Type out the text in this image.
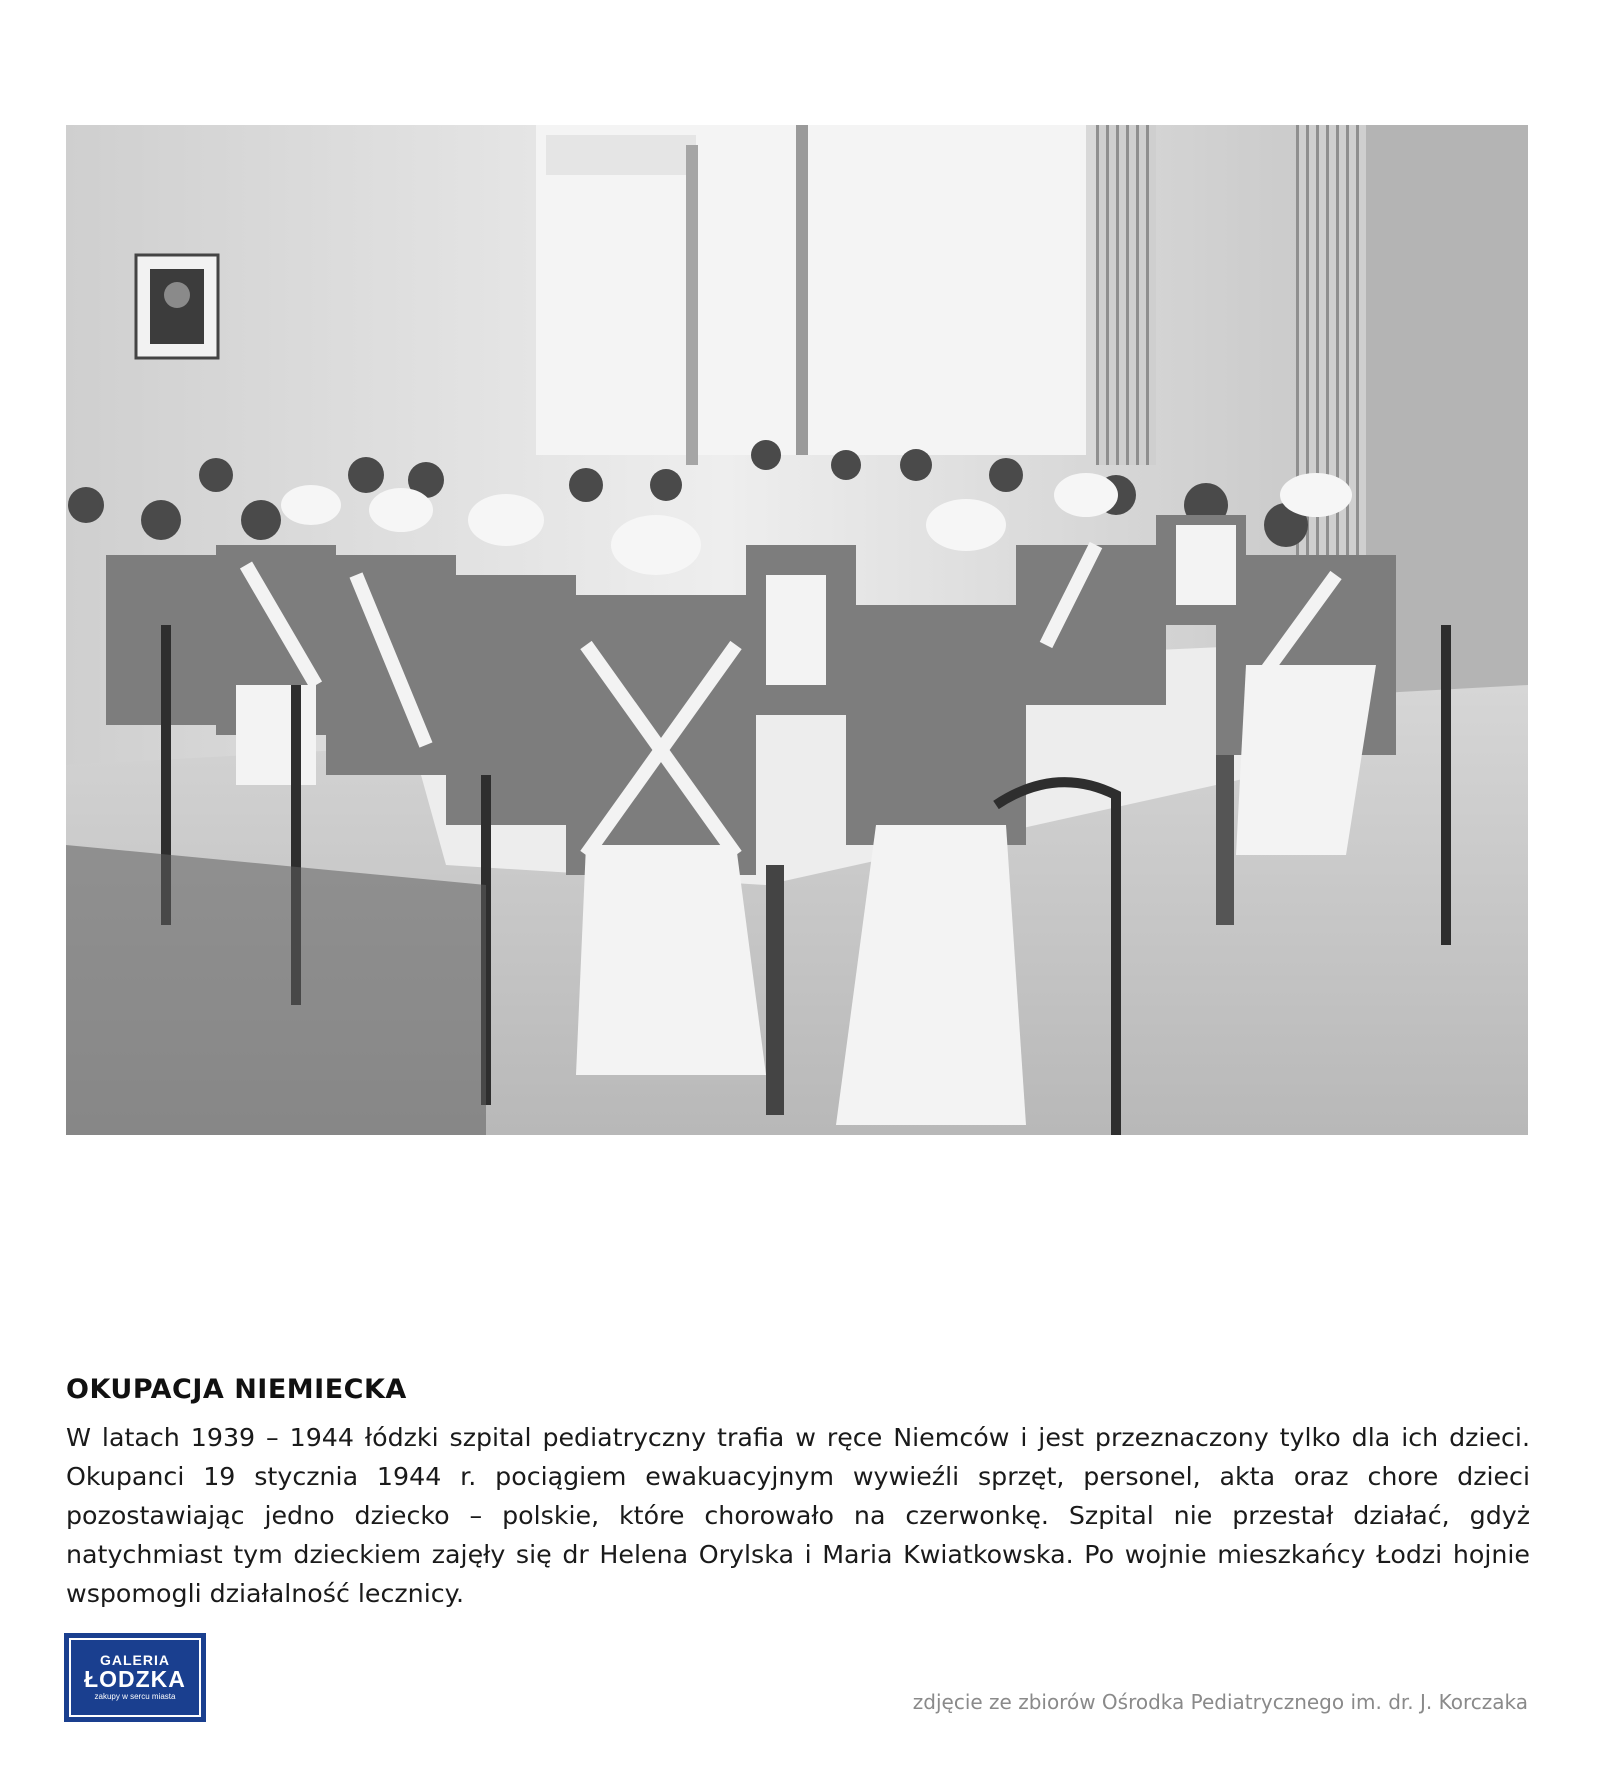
OKUPACJA NIEMIECKA
W latach 1939 – 1944 łódzki szpital pediatryczny trafia w ręce Niemców i jest przeznaczony tylko dla ich dzieci. Okupanci 19 stycznia 1944 r. pociągiem ewakuacyjnym wywieźli sprzęt, personel, akta oraz chore dzieci pozostawiając jedno dziecko – polskie, które chorowało na czerwonkę. Szpital nie przestał działać, gdyż natychmiast tym dzieckiem zajęły się dr Helena Orylska i Maria Kwiatkowska. Po wojnie mieszkańcy Łodzi hojnie wspomogli działalność lecznicy.
GALERIA
ŁODZKA
zakupy w sercu miasta	zdjęcie ze zbiorów Ośrodka Pediatrycznego im. dr. J. Korczaka
